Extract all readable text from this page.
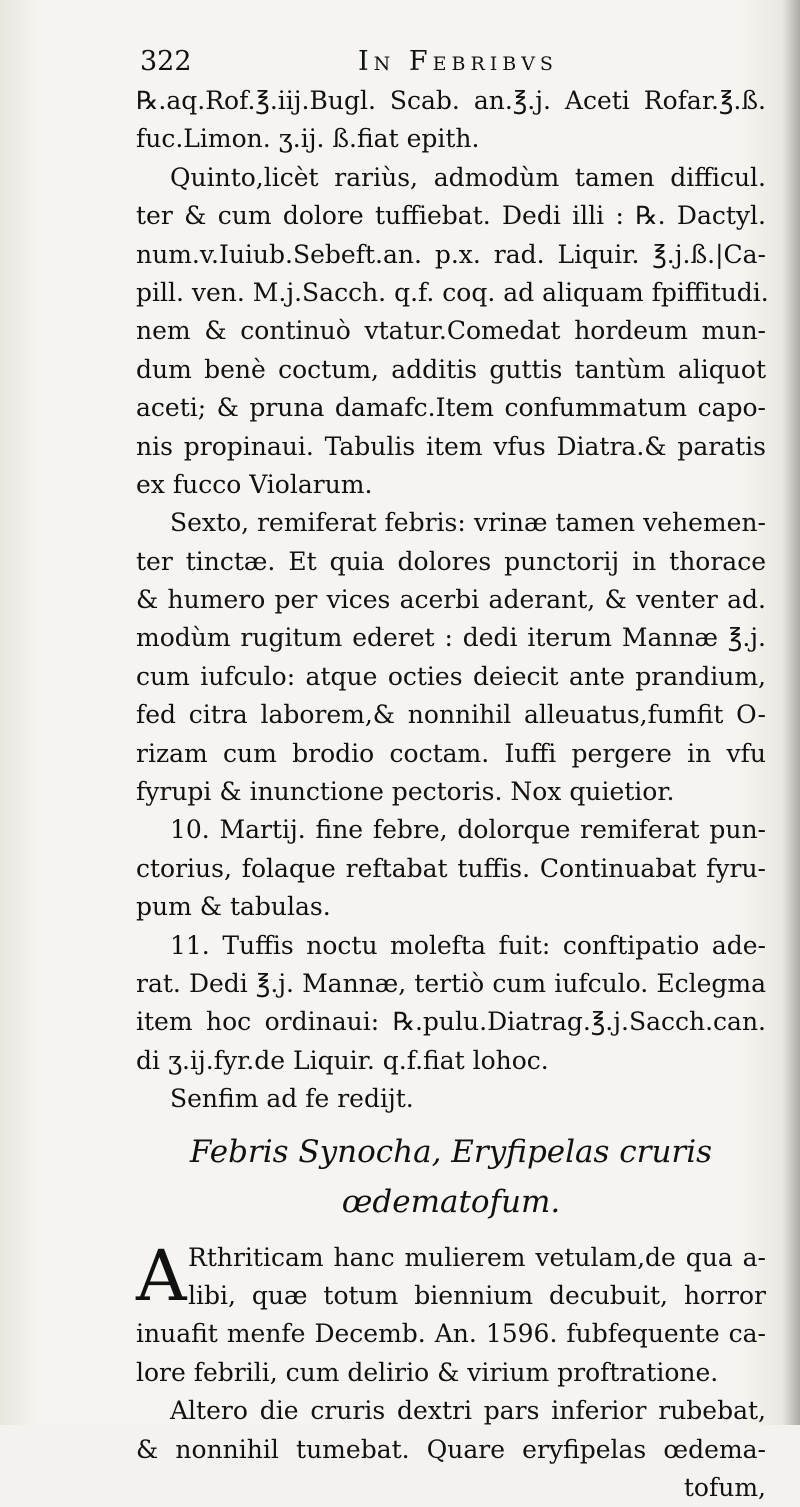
322	In Febribvs
℞.aq.Rof.℥.iij.Bugl. Scab. an.℥.j. Aceti Rofar.℥.ß.
fuc.Limon. ʒ.ij. ß.fiat epith.
Quinto,licèt rariùs, admodùm tamen difficul.
ter & cum dolore tuffiebat. Dedi illi : ℞. Dactyl.
num.v.Iuiub.Sebeft.an. p.x. rad. Liquir. ℥.j.ß.|Ca-
pill. ven. M.j.Sacch. q.f. coq. ad aliquam fpiffitudi.
nem & continuò vtatur.Comedat hordeum mun-
dum benè coctum, additis guttis tantùm aliquot
aceti; & pruna damafc.Item confummatum capo-
nis propinaui. Tabulis item vfus Diatra.& paratis
ex fucco Violarum.
Sexto, remiferat febris: vrinæ tamen vehemen-
ter tinctæ. Et quia dolores punctorij in thorace
& humero per vices acerbi aderant, & venter ad.
modùm rugitum ederet : dedi iterum Mannæ ℥.j.
cum iufculo: atque octies deiecit ante prandium,
fed citra laborem,& nonnihil alleuatus,fumfit O-
rizam cum brodio coctam. Iuffi pergere in vfu
fyrupi & inunctione pectoris. Nox quietior.
10. Martij. fine febre, dolorque remiferat pun-
ctorius, folaque reftabat tuffis. Continuabat fyru-
pum & tabulas.
11. Tuffis noctu molefta fuit: conftipatio ade-
rat. Dedi ℥.j. Mannæ, tertiò cum iufculo. Eclegma
item hoc ordinaui: ℞.pulu.Diatrag.℥.j.Sacch.can.
di ʒ.ij.fyr.de Liquir. q.f.fiat lohoc.
Senfim ad fe rediјt.
Febris Synocha, Eryfipelas cruris
œdematofum.
A Rthriticam hanc mulierem vetulam,de qua a-
libi, quæ totum biennium decubuit, horror
inuafit menfe Decemb. An. 1596. fubfequente ca-
lore febrili, cum delirio & virium proftratione.
Altero die cruris dextri pars inferior rubebat,
& nonnihil tumebat. Quare eryfipelas œdema-
tofum,
